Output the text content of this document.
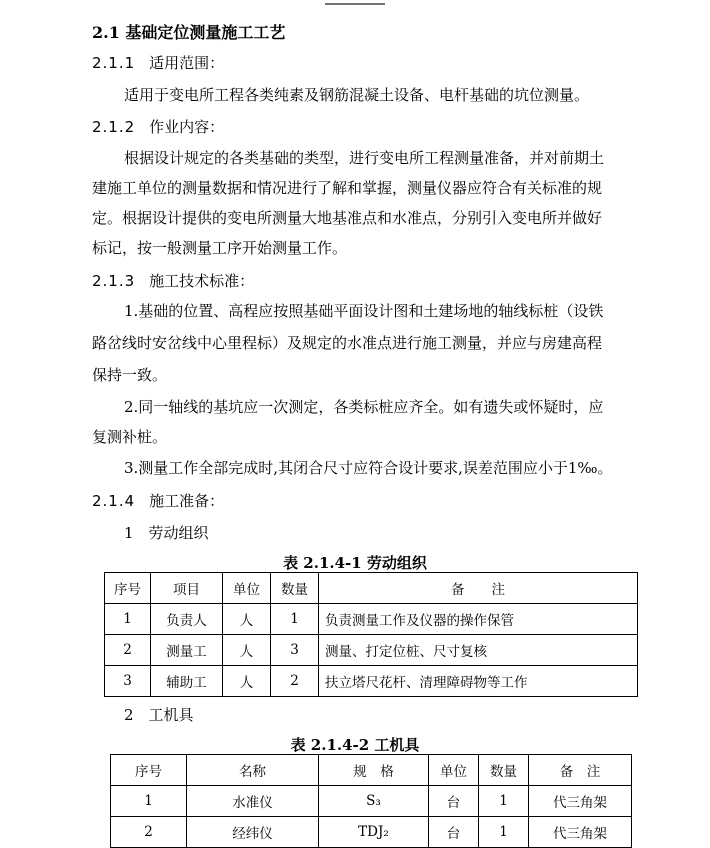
2.1 基础定位测量施工工艺
2.1.1 适用范围：
适用于变电所工程各类纯素及钢筋混凝土设备、电杆基础的坑位测量。
2.1.2 作业内容：
根据设计规定的各类基础的类型，进行变电所工程测量准备，并对前期土
建施工单位的测量数据和情况进行了解和掌握，测量仪器应符合有关标准的规
定。根据设计提供的变电所测量大地基准点和水准点，分别引入变电所并做好
标记，按一般测量工序开始测量工作。
2.1.3 施工技术标准：
1.基础的位置、高程应按照基础平面设计图和土建场地的轴线标桩（设铁
路岔线时安岔线中心里程标）及规定的水准点进行施工测量，并应与房建高程
保持一致。
2.同一轴线的基坑应一次测定，各类标桩应齐全。如有遗失或怀疑时，应
复测补桩。
3.测量工作全部完成时,其闭合尺寸应符合设计要求,误差范围应小于1‰。
2.1.4 施工准备：
1　劳动组织
表 2.1.4-1 劳动组织
序号	项目	单位	数量	备　　注
1	负责人	人	1	负责测量工作及仪器的操作保管
2	测量工	人	3	测量、打定位桩、尺寸复核
3	辅助工	人	2	扶立塔尺花杆、清理障碍物等工作
2　工机具
表 2.1.4-2 工机具
序号	名称	规　格	单位	数量	备　注
1	水准仪	S₃	台	1	代三角架
2	经纬仪	TDJ₂	台	1	代三角架
